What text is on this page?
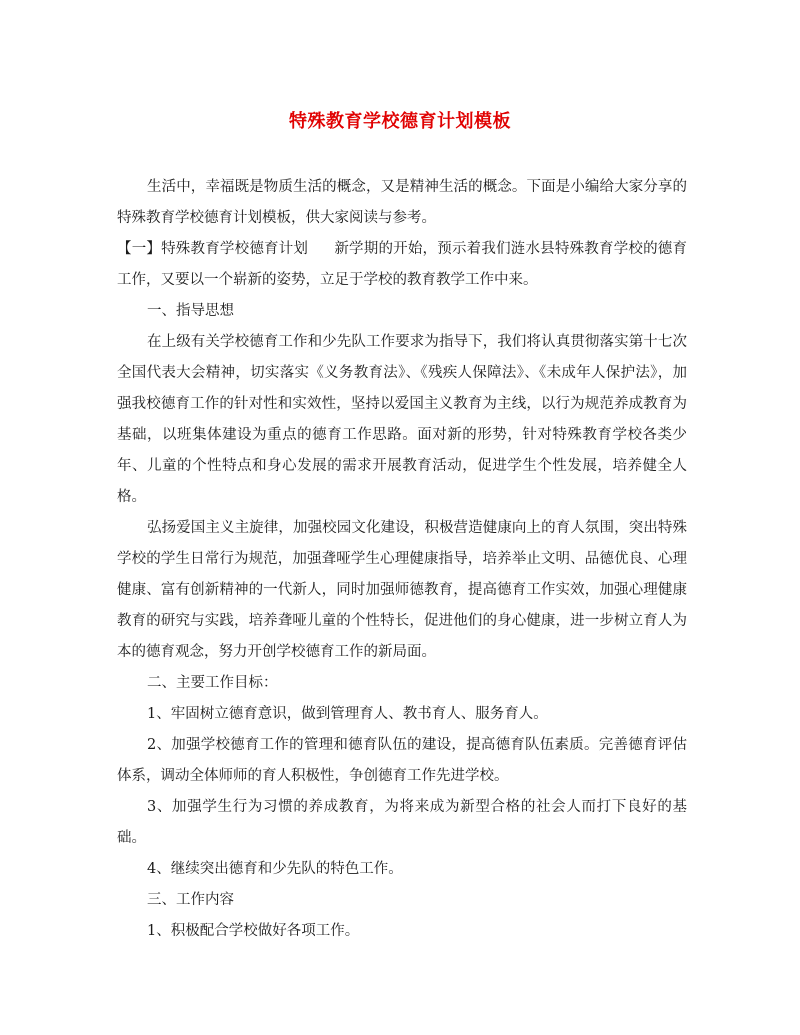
特殊教育学校德育计划模板

生活中，幸福既是物质生活的概念，又是精神生活的概念。下面是小编给大家分享的特殊教育学校德育计划模板，供大家阅读与参考。

【一】特殊教育学校德育计划 新学期的开始，预示着我们涟水县特殊教育学校的德育工作，又要以一个崭新的姿势，立足于学校的教育教学工作中来。

一、指导思想

在上级有关学校德育工作和少先队工作要求为指导下，我们将认真贯彻落实第十七次全国代表大会精神，切实落实《义务教育法》、《残疾人保障法》、《未成年人保护法》，加强我校德育工作的针对性和实效性，坚持以爱国主义教育为主线，以行为规范养成教育为基础，以班集体建设为重点的德育工作思路。面对新的形势，针对特殊教育学校各类少年、儿童的个性特点和身心发展的需求开展教育活动，促进学生个性发展，培养健全人格。

弘扬爱国主义主旋律，加强校园文化建设，积极营造健康向上的育人氛围，突出特殊学校的学生日常行为规范，加强聋哑学生心理健康指导，培养举止文明、品德优良、心理健康、富有创新精神的一代新人，同时加强师德教育，提高德育工作实效，加强心理健康教育的研究与实践，培养聋哑儿童的个性特长，促进他们的身心健康，进一步树立育人为本的德育观念，努力开创学校德育工作的新局面。

二、主要工作目标：

1、牢固树立德育意识，做到管理育人、教书育人、服务育人。

2、加强学校德育工作的管理和德育队伍的建设，提高德育队伍素质。完善德育评估体系，调动全体师师的育人积极性，争创德育工作先进学校。

3、加强学生行为习惯的养成教育，为将来成为新型合格的社会人而打下良好的基础。

4、继续突出德育和少先队的特色工作。

三、工作内容

1、积极配合学校做好各项工作。
